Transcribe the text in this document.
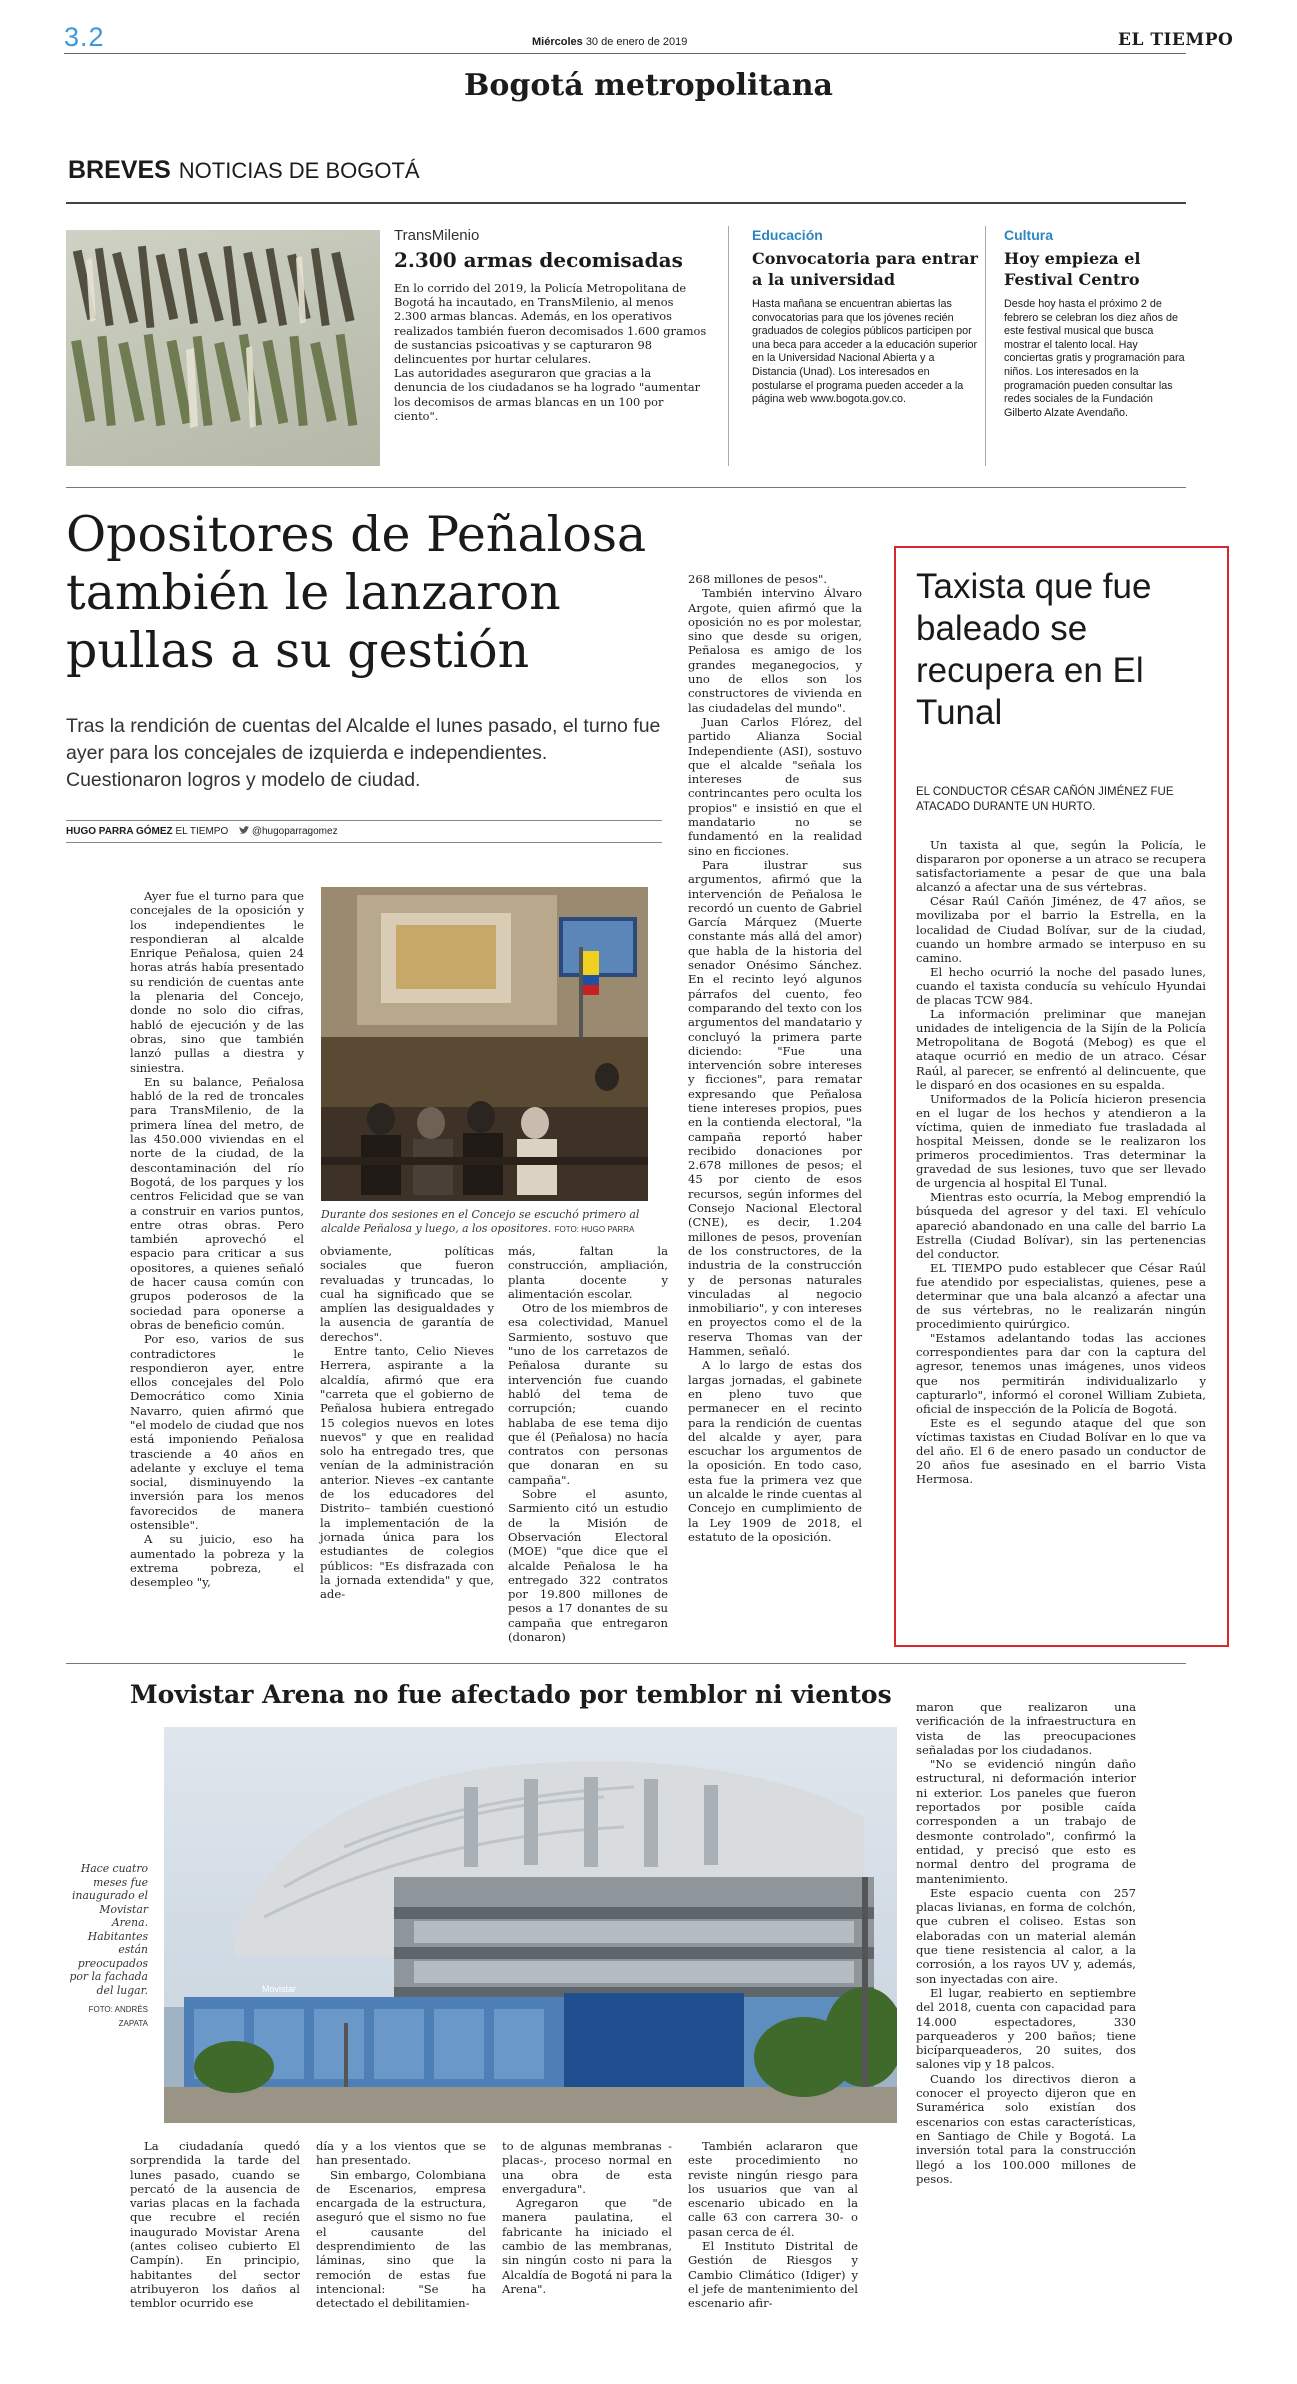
3.2	Miércoles 30 de enero de 2019	EL TIEMPO
Bogotá metropolitana
BREVES NOTICIAS DE BOGOTÁ
TransMilenio
2.300 armas decomisadas
En lo corrido del 2019, la Policía Metropolitana de Bogotá ha incautado, en TransMilenio, al menos 2.300 armas blancas. Además, en los operativos realizados también fueron decomisados 1.600 gramos de sustancias psicoativas y se capturaron 98 delincuentes por hurtar celulares.
Las autoridades aseguraron que gracias a la denuncia de los ciudadanos se ha logrado "aumentar los decomisos de armas blancas en un 100 por ciento".
Educación
Convocatoria para entrar a la universidad
Hasta mañana se encuentran abiertas las convocatorias para que los jóvenes recién graduados de colegios públicos participen por una beca para acceder a la educación superior en la Universidad Nacional Abierta y a Distancia (Unad). Los interesados en postularse el programa pueden acceder a la página web www.bogota.gov.co.
Cultura
Hoy empieza el Festival Centro
Desde hoy hasta el próximo 2 de febrero se celebran los diez años de este festival musical que busca mostrar el talento local. Hay conciertas gratis y programación para niños. Los interesados en la programación pueden consultar las redes sociales de la Fundación Gilberto Alzate Avendaño.
Opositores de Peñalosa también le lanzaron pullas a su gestión
Tras la rendición de cuentas del Alcalde el lunes pasado, el turno fue ayer para los concejales de izquierda e independientes. Cuestionaron logros y modelo de ciudad.
HUGO PARRA GÓMEZ EL TIEMPO @hugoparragomez
Durante dos sesiones en el Concejo se escuchó primero al alcalde Peñalosa y luego, a los opositores. FOTO: HUGO PARRA

Ayer fue el turno para que concejales de la oposición y los independientes le respondieran al alcalde Enrique Peñalosa, quien 24 horas atrás había presentado su rendición de cuentas ante la plenaria del Concejo, donde no solo dio cifras, habló de ejecución y de las obras, sino que también lanzó pullas a diestra y siniestra.

En su balance, Peñalosa habló de la red de troncales para TransMilenio, de la primera línea del metro, de las 450.000 viviendas en el norte de la ciudad, de la descontaminación del río Bogotá, de los parques y los centros Felicidad que se van a construir en varios puntos, entre otras obras. Pero también aprovechó el espacio para criticar a sus opositores, a quienes señaló de hacer causa común con grupos poderosos de la sociedad para oponerse a obras de beneficio común.

Por eso, varios de sus contradictores le respondieron ayer, entre ellos concejales del Polo Democrático como Xinia Navarro, quien afirmó que "el modelo de ciudad que nos está imponiendo Peñalosa trasciende a 40 años en adelante y excluye el tema social, disminuyendo la inversión para los menos favorecidos de manera ostensible".

A su juicio, eso ha aumentado la pobreza y la extrema pobreza, el desempleo "y,

obviamente, políticas sociales que fueron revaluadas y truncadas, lo cual ha significado que se amplíen las desigualdades y la ausencia de garantía de derechos".

Entre tanto, Celio Nieves Herrera, aspirante a la alcaldía, afirmó que era "carreta que el gobierno de Peñalosa hubiera entregado 15 colegios nuevos en lotes nuevos" y que en realidad solo ha entregado tres, que venían de la administración anterior. Nieves –ex cantante de los educadores del Distrito– también cuestionó la implementación de la jornada única para los estudiantes de colegios públicos: "Es disfrazada con la jornada extendida" y que, ade-

más, faltan la construcción, ampliación, planta docente y alimentación escolar.

Otro de los miembros de esa colectividad, Manuel Sarmiento, sostuvo que "uno de los carretazos de Peñalosa durante su intervención fue cuando habló del tema de corrupción; cuando hablaba de ese tema dijo que él (Peñalosa) no hacía contratos con personas que donaran en su campaña".

Sobre el asunto, Sarmiento citó un estudio de la Misión de Observación Electoral (MOE) "que dice que el alcalde Peñalosa le ha entregado 322 contratos por 19.800 millones de pesos a 17 donantes de su campaña que entregaron (donaron)

268 millones de pesos".

También intervino Álvaro Argote, quien afirmó que la oposición no es por molestar, sino que desde su origen, Peñalosa es amigo de los grandes meganegocios, y uno de ellos son los constructores de vivienda en las ciudadelas del mundo".

Juan Carlos Flórez, del partido Alianza Social Independiente (ASI), sostuvo que el alcalde "señala los intereses de sus contrincantes pero oculta los propios" e insistió en que el mandatario no se fundamentó en la realidad sino en ficciones.

Para ilustrar sus argumentos, afirmó que la intervención de Peñalosa le recordó un cuento de Gabriel García Márquez (Muerte constante más allá del amor) que habla de la historia del senador Onésimo Sánchez. En el recinto leyó algunos párrafos del cuento, feo comparando del texto con los argumentos del mandatario y concluyó la primera parte diciendo: "Fue una intervención sobre intereses y ficciones", para rematar expresando que Peñalosa tiene intereses propios, pues en la contienda electoral, "la campaña reportó haber recibido donaciones por 2.678 millones de pesos; el 45 por ciento de esos recursos, según informes del Consejo Nacional Electoral (CNE), es decir, 1.204 millones de pesos, provenían de los constructores, de la industria de la construcción y de personas naturales vinculadas al negocio inmobiliario", y con intereses en proyectos como el de la reserva Thomas van der Hammen, señaló.

A lo largo de estas dos largas jornadas, el gabinete en pleno tuvo que permanecer en el recinto para la rendición de cuentas del alcalde y ayer, para escuchar los argumentos de la oposición. En todo caso, esta fue la primera vez que un alcalde le rinde cuentas al Concejo en cumplimiento de la Ley 1909 de 2018, el estatuto de la oposición.

Taxista que fue baleado se recupera en El Tunal
EL CONDUCTOR CÉSAR CAÑÓN JIMÉNEZ FUE ATACADO DURANTE UN HURTO.

Un taxista al que, según la Policía, le dispararon por oponerse a un atraco se recupera satisfactoriamente a pesar de que una bala alcanzó a afectar una de sus vértebras.

César Raúl Cañón Jiménez, de 47 años, se movilizaba por el barrio la Estrella, en la localidad de Ciudad Bolívar, sur de la ciudad, cuando un hombre armado se interpuso en su camino.

El hecho ocurrió la noche del pasado lunes, cuando el taxista conducía su vehículo Hyundai de placas TCW 984.

La información preliminar que manejan unidades de inteligencia de la Sijín de la Policía Metropolitana de Bogotá (Mebog) es que el ataque ocurrió en medio de un atraco. César Raúl, al parecer, se enfrentó al delincuente, que le disparó en dos ocasiones en su espalda.

Uniformados de la Policía hicieron presencia en el lugar de los hechos y atendieron a la víctima, quien de inmediato fue trasladada al hospital Meissen, donde se le realizaron los primeros procedimientos. Tras determinar la gravedad de sus lesiones, tuvo que ser llevado de urgencia al hospital El Tunal.

Mientras esto ocurría, la Mebog emprendió la búsqueda del agresor y del taxi. El vehículo apareció abandonado en una calle del barrio La Estrella (Ciudad Bolívar), sin las pertenencias del conductor.

EL TIEMPO pudo establecer que César Raúl fue atendido por especialistas, quienes, pese a determinar que una bala alcanzó a afectar una de sus vértebras, no le realizarán ningún procedimiento quirúrgico.

"Estamos adelantando todas las acciones correspondientes para dar con la captura del agresor, tenemos unas imágenes, unos videos que nos permitirán individualizarlo y capturarlo", informó el coronel William Zubieta, oficial de inspección de la Policía de Bogotá.

Este es el segundo ataque del que son víctimas taxistas en Ciudad Bolívar en lo que va del año. El 6 de enero pasado un conductor de 20 años fue asesinado en el barrio Vista Hermosa.

Movistar Arena no fue afectado por temblor ni vientos
Hace cuatro meses fue inaugurado el Movistar Arena. Habitantes están preocupados por la fachada del lugar.
FOTO: ANDRÉS ZAPATA
Movistar

La ciudadanía quedó sorprendida la tarde del lunes pasado, cuando se percató de la ausencia de varias placas en la fachada que recubre el recién inaugurado Movistar Arena (antes coliseo cubierto El Campín). En principio, habitantes del sector atribuyeron los daños al temblor ocurrido ese

día y a los vientos que se han presentado.

Sin embargo, Colombiana de Escenarios, empresa encargada de la estructura, aseguró que el sismo no fue el causante del desprendimiento de las láminas, sino que la remoción de estas fue intencional: "Se ha detectado el debilitamien-

to de algunas membranas -placas-, proceso normal en una obra de esta envergadura".

Agregaron que "de manera paulatina, el fabricante ha iniciado el cambio de las membranas, sin ningún costo ni para la Alcaldía de Bogotá ni para la Arena".

También aclararon que este procedimiento no reviste ningún riesgo para los usuarios que van al escenario ubicado en la calle 63 con carrera 30- o pasan cerca de él.

El Instituto Distrital de Gestión de Riesgos y Cambio Climático (Idiger) y el jefe de mantenimiento del escenario afir-

maron que realizaron una verificación de la infraestructura en vista de las preocupaciones señaladas por los ciudadanos.

"No se evidenció ningún daño estructural, ni deformación interior ni exterior. Los paneles que fueron reportados por posible caída corresponden a un trabajo de desmonte controlado", confirmó la entidad, y precisó que esto es normal dentro del programa de mantenimiento.

Este espacio cuenta con 257 placas livianas, en forma de colchón, que cubren el coliseo. Estas son elaboradas con un material alemán que tiene resistencia al calor, a la corrosión, a los rayos UV y, además, son inyectadas con aire.

El lugar, reabierto en septiembre del 2018, cuenta con capacidad para 14.000 espectadores, 330 parqueaderos y 200 baños; tiene bicíparqueaderos, 20 suites, dos salones vip y 18 palcos.

Cuando los directivos dieron a conocer el proyecto dijeron que en Suramérica solo existían dos escenarios con estas características, en Santiago de Chile y Bogotá. La inversión total para la construcción llegó a los 100.000 millones de pesos.
